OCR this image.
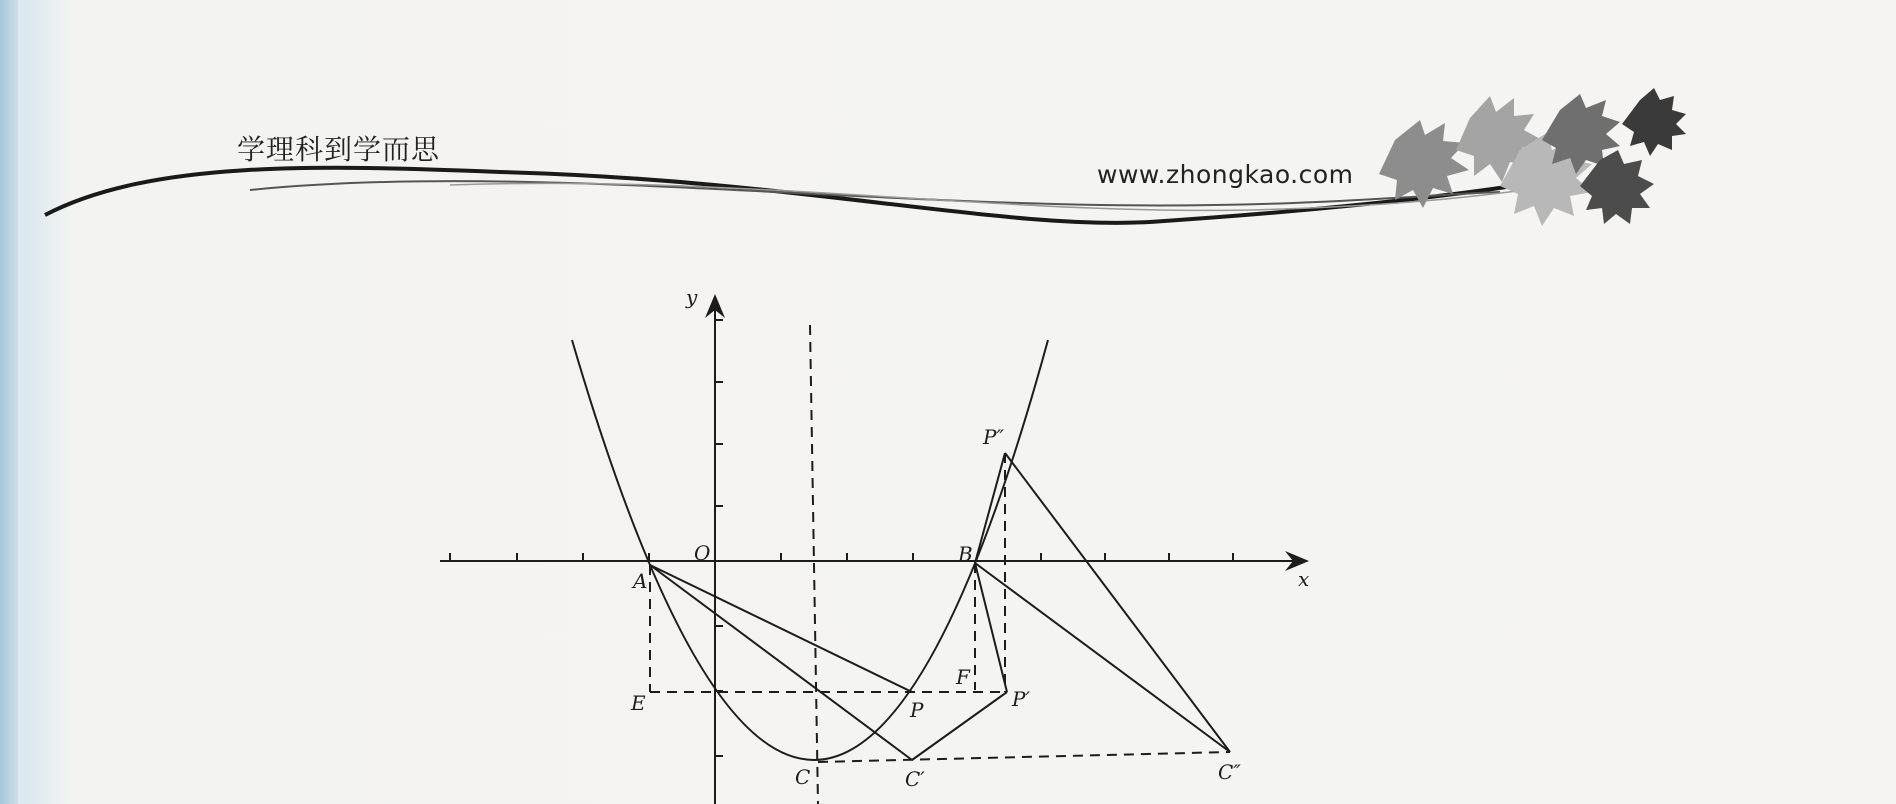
学理科到学而思
www.zhongkao.com
y
x
O
A
B
C
E
F
P	P′
P″
C′	C″
